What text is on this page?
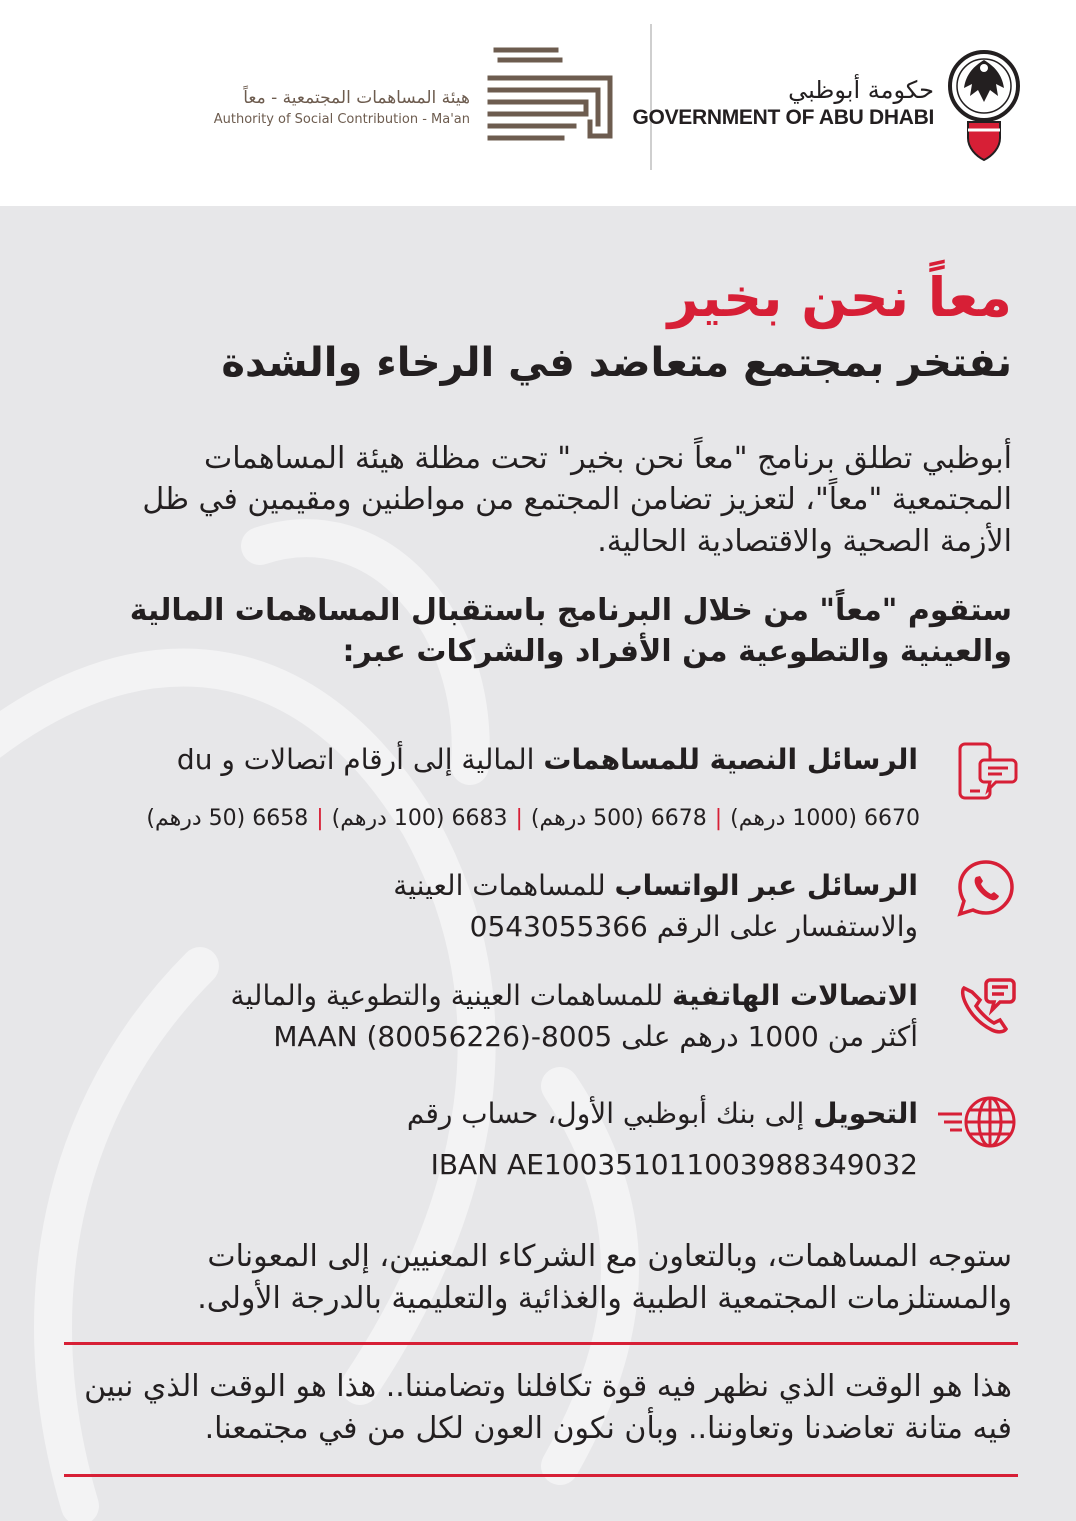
هيئة المساهمات المجتمعية - معاً
Authority of Social Contribution - Ma'an
حكومة أبوظبي
GOVERNMENT OF ABU DHABI
معاً نحن بخير
نفتخر بمجتمع متعاضد في الرخاء والشدة
أبوظبي تطلق برنامج "معاً نحن بخير" تحت مظلة هيئة المساهمات المجتمعية "معاً"، لتعزيز تضامن المجتمع من مواطنين ومقيمين في ظل الأزمة الصحية والاقتصادية الحالية.
ستقوم "معاً" من خلال البرنامج باستقبال المساهمات المالية والعينية والتطوعية من الأفراد والشركات عبر:
الرسائل النصية للمساهمات المالية إلى أرقام اتصالات و du
6670 (1000 درهم)|6678 (500 درهم)|6683 (100 درهم)|6658 (50 درهم)
الرسائل عبر الواتساب للمساهمات العينية
والاستفسار على الرقم 0543055366
الاتصالات الهاتفية للمساهمات العينية والتطوعية والمالية
أكثر من 1000 درهم على 8005-MAAN (80056226)
التحويل إلى بنك أبوظبي الأول، حساب رقم
IBAN AE100351011003988349032
ستوجه المساهمات، وبالتعاون مع الشركاء المعنيين، إلى المعونات والمستلزمات المجتمعية الطبية والغذائية والتعليمية بالدرجة الأولى.
هذا هو الوقت الذي نظهر فيه قوة تكافلنا وتضامننا.. هذا هو الوقت الذي نبين فيه متانة تعاضدنا وتعاوننا.. وبأن نكون العون لكل من في مجتمعنا.
